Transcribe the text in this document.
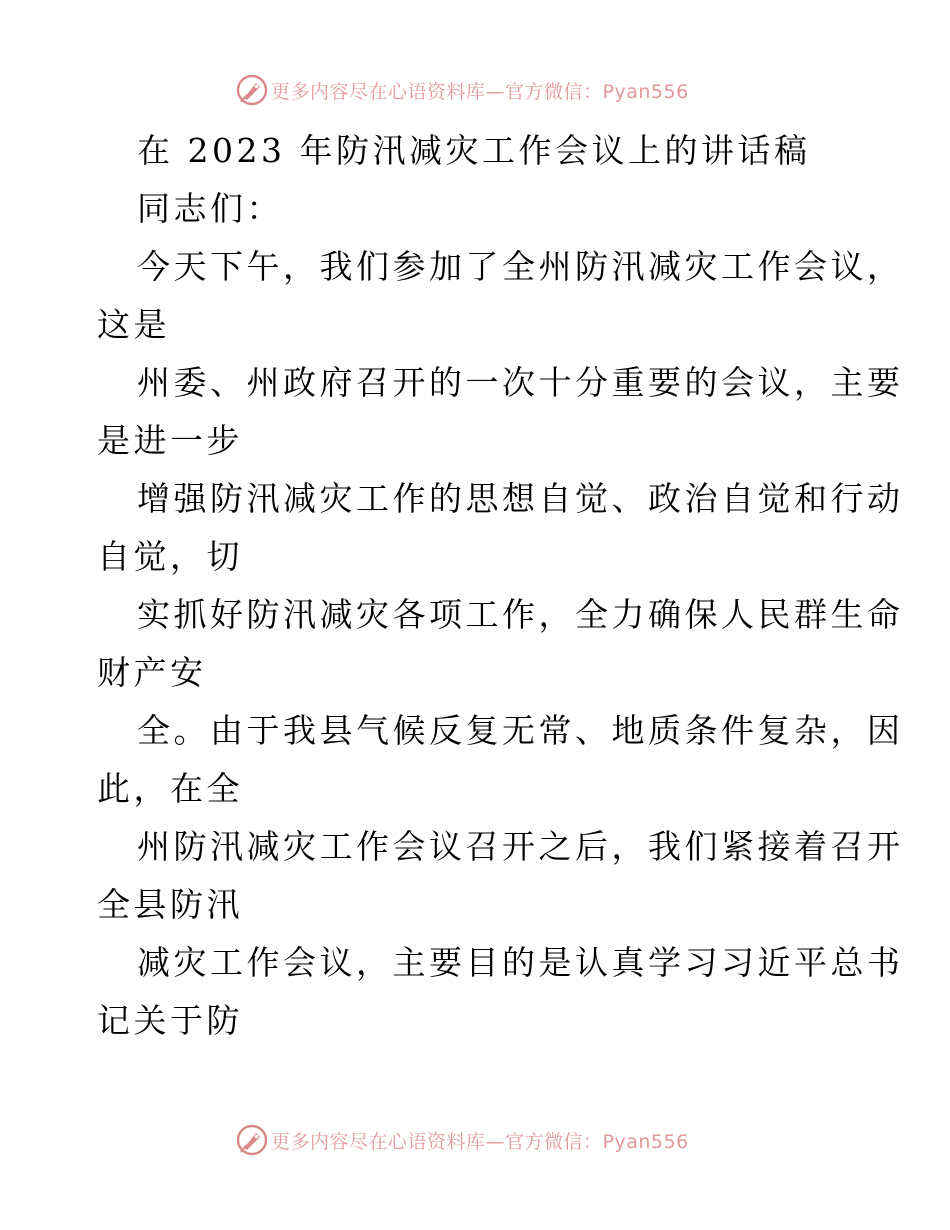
更多内容尽在心语资料库—官方微信：Pyan556
在 2023 年防汛减灾工作会议上的讲话稿
同志们：
今天下午，我们参加了全州防汛减灾工作会议，
这是
州委、州政府召开的一次十分重要的会议，主要
是进一步
增强防汛减灾工作的思想自觉、政治自觉和行动
自觉，切
实抓好防汛减灾各项工作，全力确保人民群生命
财产安
全。由于我县气候反复无常、地质条件复杂，因
此，在全
州防汛减灾工作会议召开之后，我们紧接着召开
全县防汛
减灾工作会议，主要目的是认真学习习近平总书
记关于防
更多内容尽在心语资料库—官方微信：Pyan556
